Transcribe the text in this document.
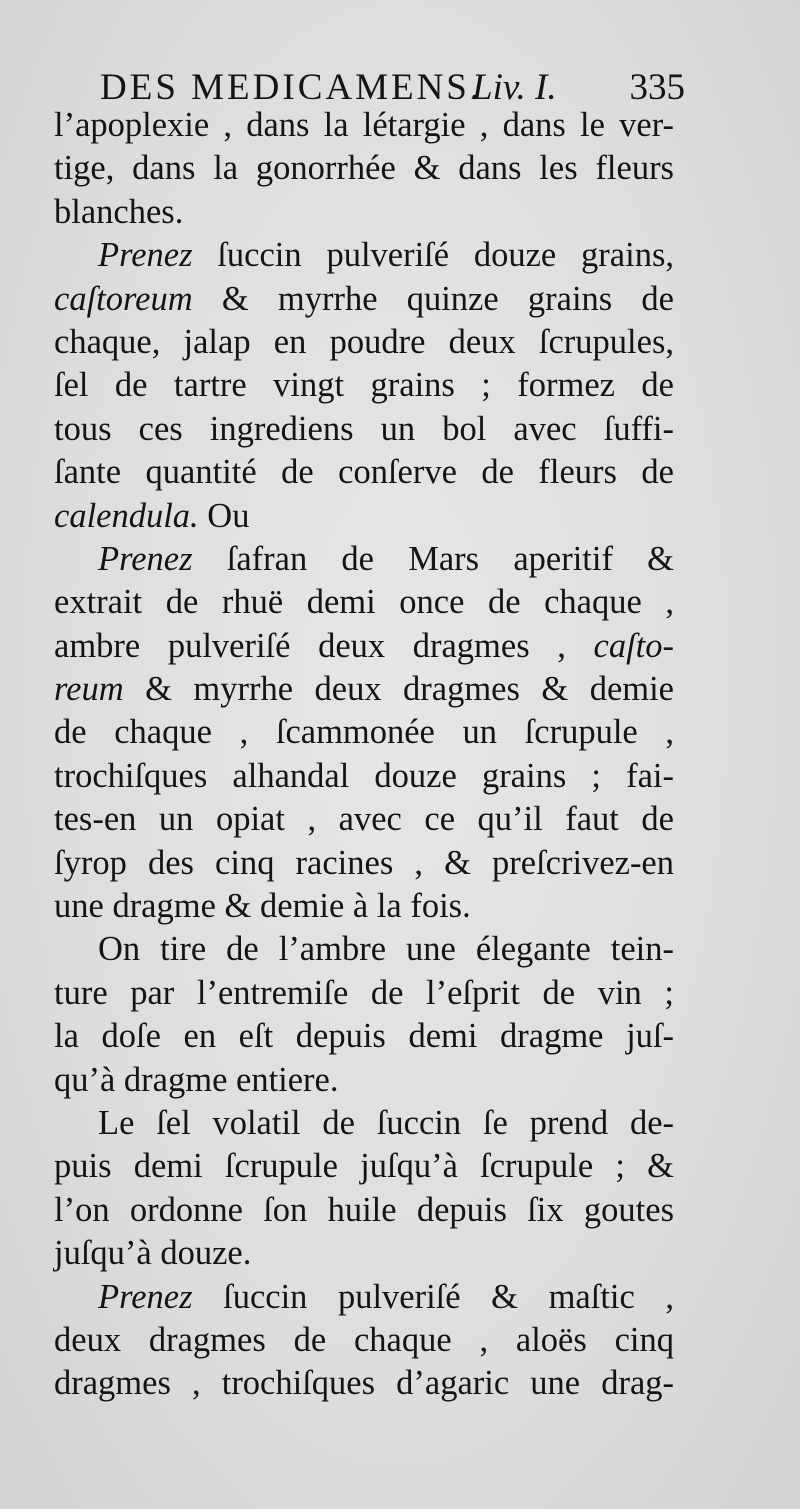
DES MEDICAMENS.
Liv. I. 335
l’apoplexie , dans la létargie , dans le ver-
tige, dans la gonorrhée & dans les fleurs
blanches.
Prenez ſuccin pulveriſé douze grains,
caſtoreum & myrrhe quinze grains de
chaque, jalap en poudre deux ſcrupules,
ſel de tartre vingt grains ; formez de
tous ces ingrediens un bol avec ſuffi-
ſante quantité de conſerve de fleurs de
calendula. Ou
Prenez ſafran de Mars aperitif &
extrait de rhuë demi once de chaque ,
ambre pulveriſé deux dragmes , caſto-
reum & myrrhe deux dragmes & demie
de chaque , ſcammonée un ſcrupule ,
trochiſques alhandal douze grains ; fai-
tes-en un opiat , avec ce qu’il faut de
ſyrop des cinq racines , & preſcrivez-en
une dragme & demie à la fois.
On tire de l’ambre une élegante tein-
ture par l’entremiſe de l’eſprit de vin ;
la doſe en eſt depuis demi dragme juſ-
qu’à dragme entiere.
Le ſel volatil de ſuccin ſe prend de-
puis demi ſcrupule juſqu’à ſcrupule ; &
l’on ordonne ſon huile depuis ſix goutes
juſqu’à douze.
Prenez ſuccin pulveriſé & maſtic ,
deux dragmes de chaque , aloës cinq
dragmes , trochiſques d’agaric une drag-
